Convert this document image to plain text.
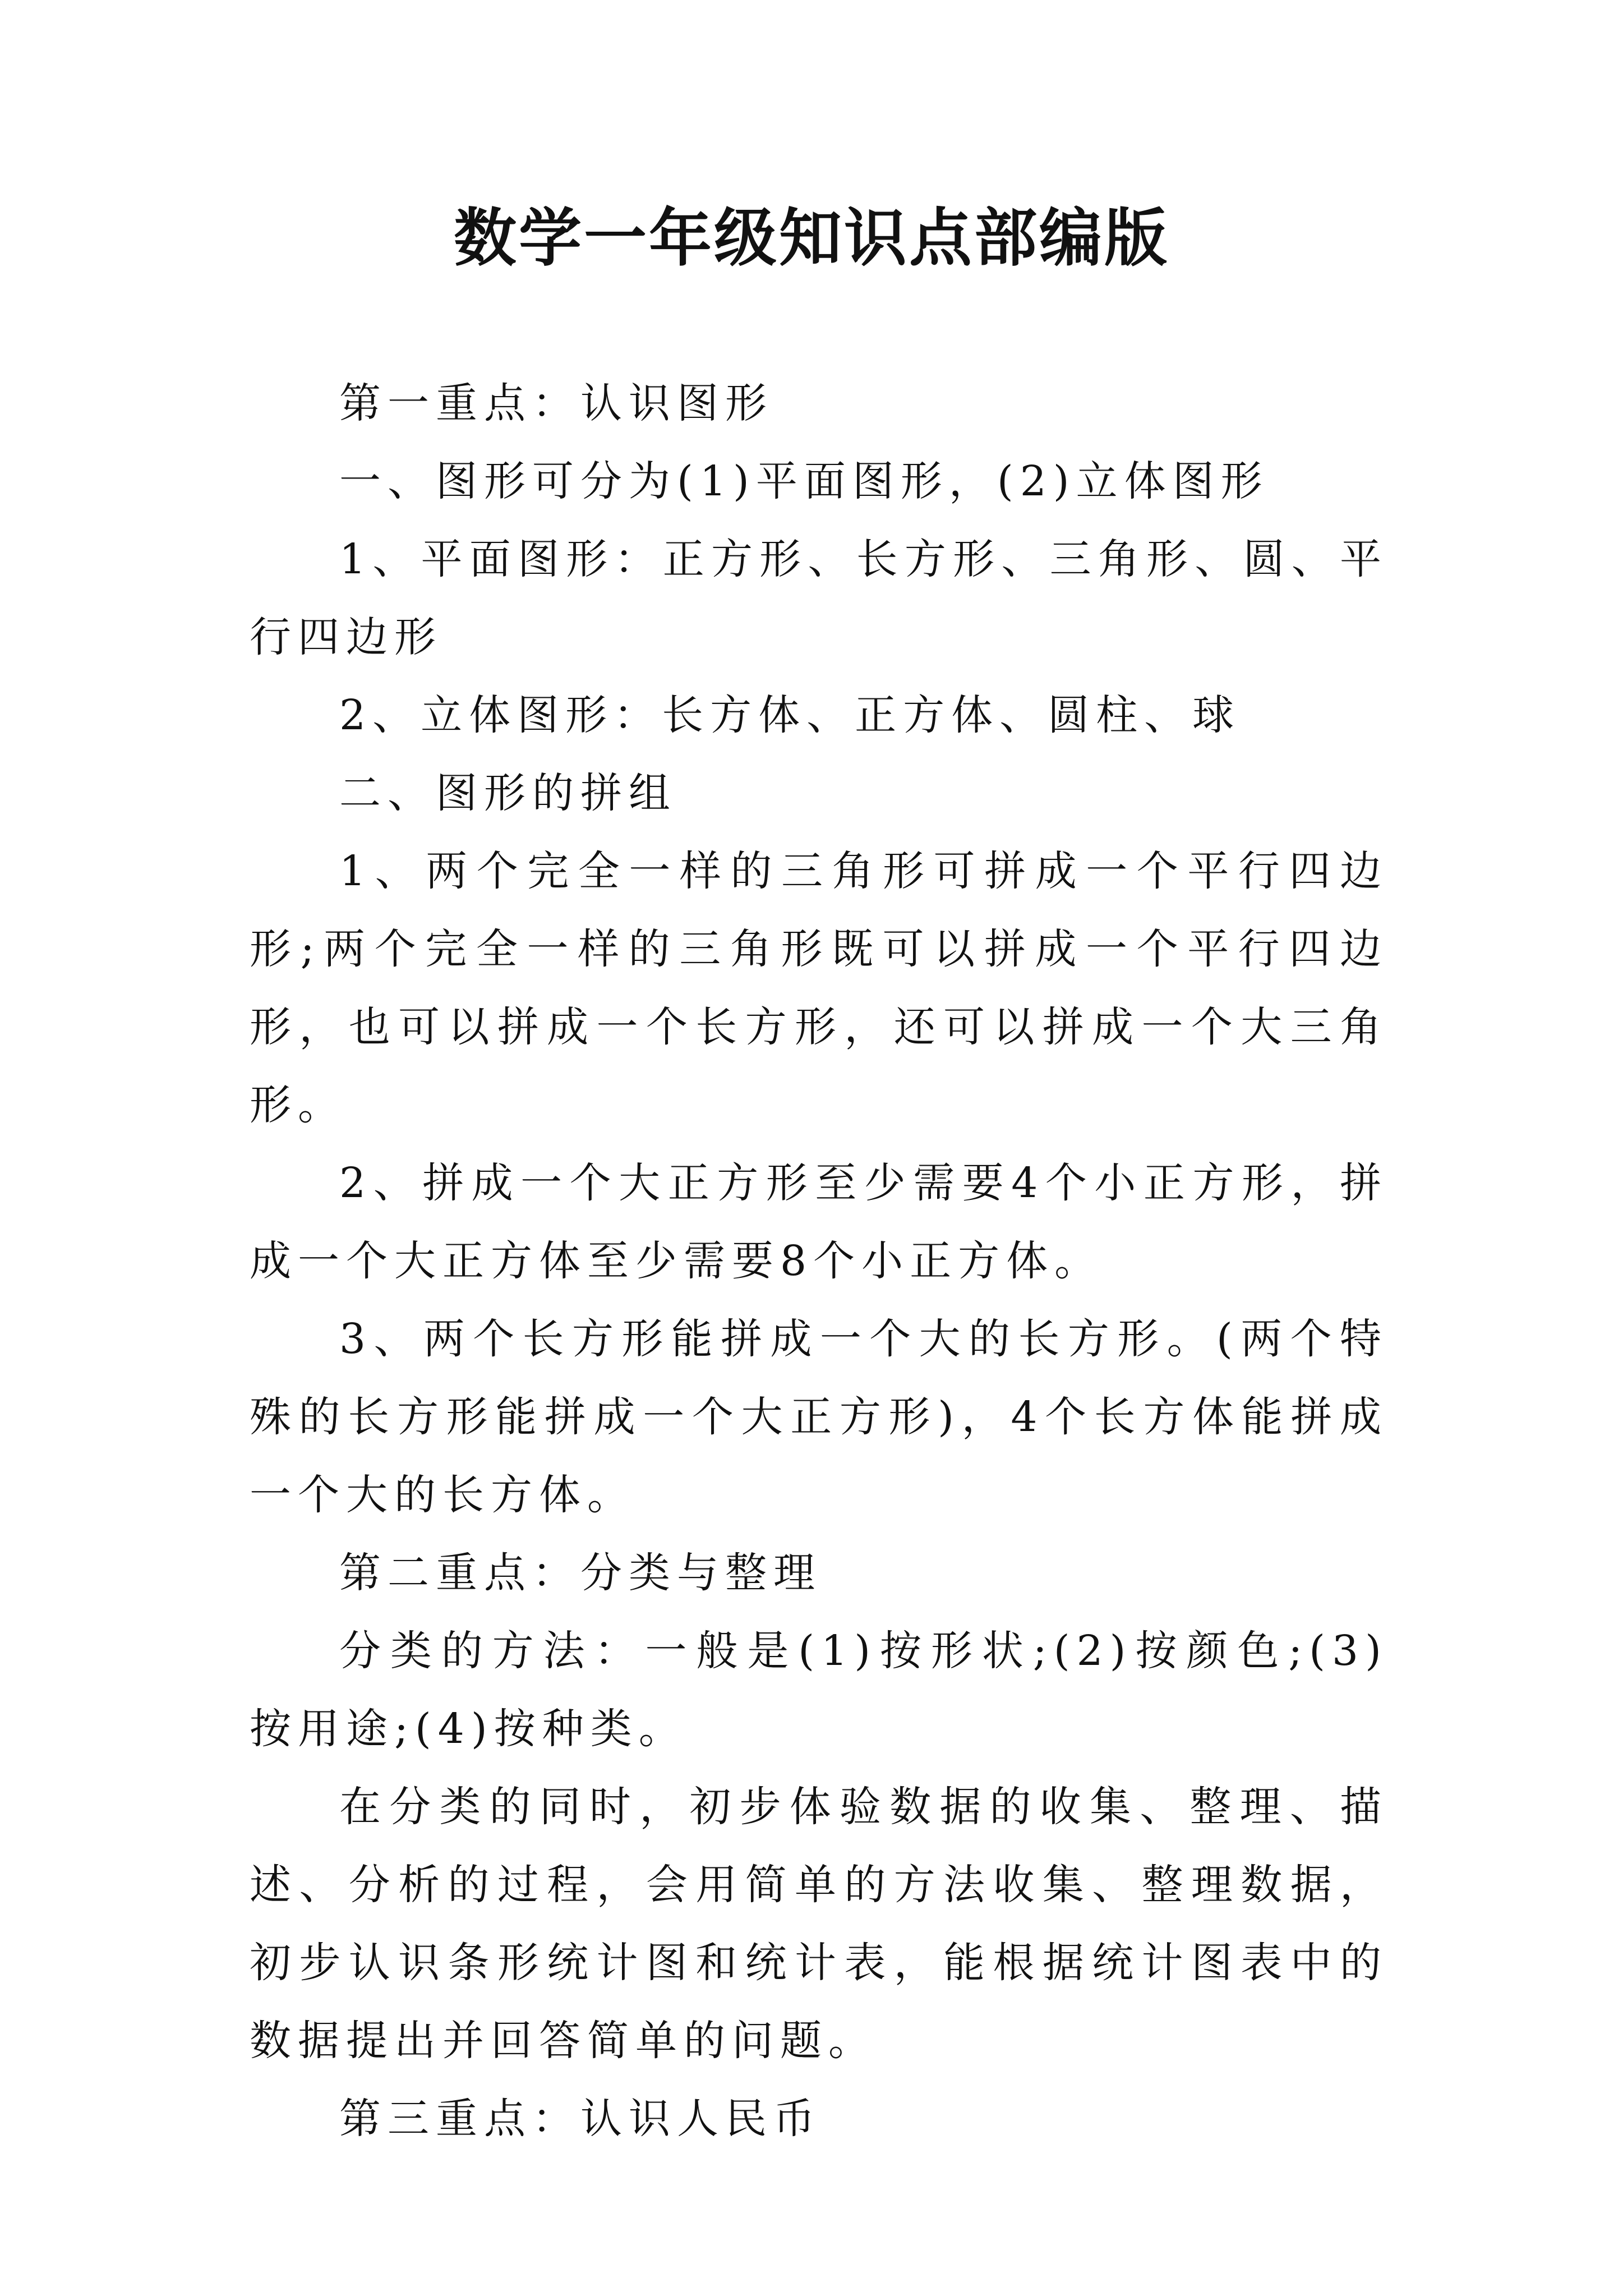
数学一年级知识点部编版

第一重点：认识图形

一、图形可分为(1)平面图形，(2)立体图形

1、平面图形：正方形、长方形、三角形、圆、平行四边形

2、立体图形：长方体、正方体、圆柱、球

二、图形的拼组

1、两个完全一样的三角形可拼成一个平行四边形;两个完全一样的三角形既可以拼成一个平行四边形，也可以拼成一个长方形，还可以拼成一个大三角形。

2、拼成一个大正方形至少需要4个小正方形，拼成一个大正方体至少需要8个小正方体。

3、两个长方形能拼成一个大的长方形。(两个特殊的长方形能拼成一个大正方形)，4个长方体能拼成一个大的长方体。

第二重点：分类与整理

分类的方法：一般是(1)按形状;(2)按颜色;(3)按用途;(4)按种类。

在分类的同时，初步体验数据的收集、整理、描述、分析的过程，会用简单的方法收集、整理数据，初步认识条形统计图和统计表，能根据统计图表中的数据提出并回答简单的问题。

第三重点：认识人民币
